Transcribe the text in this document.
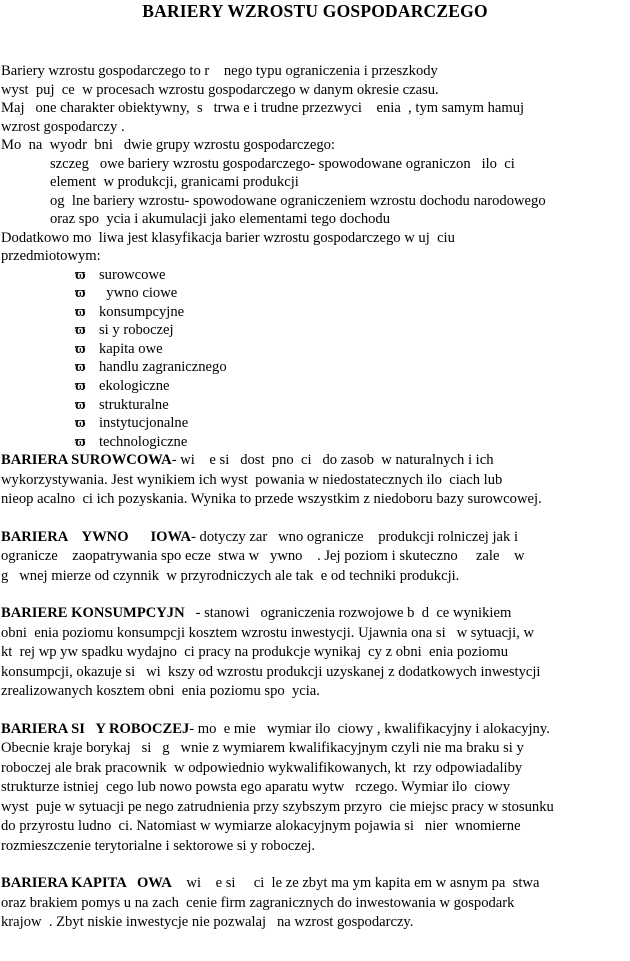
BARIERY WZROSTU GOSPODARCZEGO
Bariery wzrostu gospodarczego to r    nego typu ograniczenia i przeszkody
wyst  puj  ce  w procesach wzrostu gospodarczego w danym okresie czasu.
Maj   one charakter obiektywny,  s   trwa e i trudne przezwyci    enia  , tym samym hamuj
wzrost gospodarczy .
Mo  na  wyodr  bni   dwie grupy wzrostu gospodarczego:
szczeg   owe bariery wzrostu gospodarczego- spowodowane ograniczon   ilo  ci
element  w produkcji, granicami produkcji
og  lne bariery wzrostu- spowodowane ograniczeniem wzrostu dochodu narodowego
oraz spo  ycia i akumulacji jako elementami tego dochodu
Dodatkowo mo  liwa jest klasyfikacja barier wzrostu gospodarczego w uj  ciu
przedmiotowym:
ϖ surowcowe
ϖ  ywno ciowe
ϖ konsumpcyjne
ϖ si y roboczej
ϖ kapita owe
ϖ handlu zagranicznego
ϖ ekologiczne
ϖ strukturalne
ϖ instytucjonalne
ϖ technologiczne
BARIERA SUROWCOWA- wi    e si   dost  pno  ci   do zasob  w naturalnych i ich
wykorzystywania. Jest wynikiem ich wyst  powania w niedostatecznych ilo  ciach lub
nieop acalno  ci ich pozyskania. Wynika to przede wszystkim z niedoboru bazy surowcowej.
BARIERA    YWNO      IOWA- dotyczy zar   wno ogranicze    produkcji rolniczej jak i
ogranicze    zaopatrywania spo ecze  stwa w   ywno    . Jej poziom i skuteczno     zale    w
g   wnej mierze od czynnik  w przyrodniczych ale tak  e od techniki produkcji.
BARIERE KONSUMPCYJN   - stanowi   ograniczenia rozwojowe b  d  ce wynikiem
obni  enia poziomu konsumpcji kosztem wzrostu inwestycji. Ujawnia ona si   w sytuacji, w
kt  rej wp yw spadku wydajno  ci pracy na produkcje wynikaj  cy z obni  enia poziomu
konsumpcji, okazuje si   wi  kszy od wzrostu produkcji uzyskanej z dodatkowych inwestycji
zrealizowanych kosztem obni  enia poziomu spo  ycia.
BARIERA SI   Y ROBOCZEJ- mo  e mie   wymiar ilo  ciowy , kwalifikacyjny i alokacyjny.
Obecnie kraje borykaj   si   g   wnie z wymiarem kwalifikacyjnym czyli nie ma braku si y
roboczej ale brak pracownik  w odpowiednio wykwalifikowanych, kt  rzy odpowiadaliby
strukturze istniej  cego lub nowo powsta ego aparatu wytw   rczego. Wymiar ilo  ciowy
wyst  puje w sytuacji pe nego zatrudnienia przy szybszym przyro  cie miejsc pracy w stosunku
do przyrostu ludno  ci. Natomiast w wymiarze alokacyjnym pojawia si   nier  wnomierne
rozmieszczenie terytorialne i sektorowe si y roboczej.
BARIERA KAPITA   OWA    wi    e si     ci  le ze zbyt ma ym kapita em w asnym pa  stwa
oraz brakiem pomys u na zach  cenie firm zagranicznych do inwestowania w gospodark
krajow  . Zbyt niskie inwestycje nie pozwalaj   na wzrost gospodarczy.
